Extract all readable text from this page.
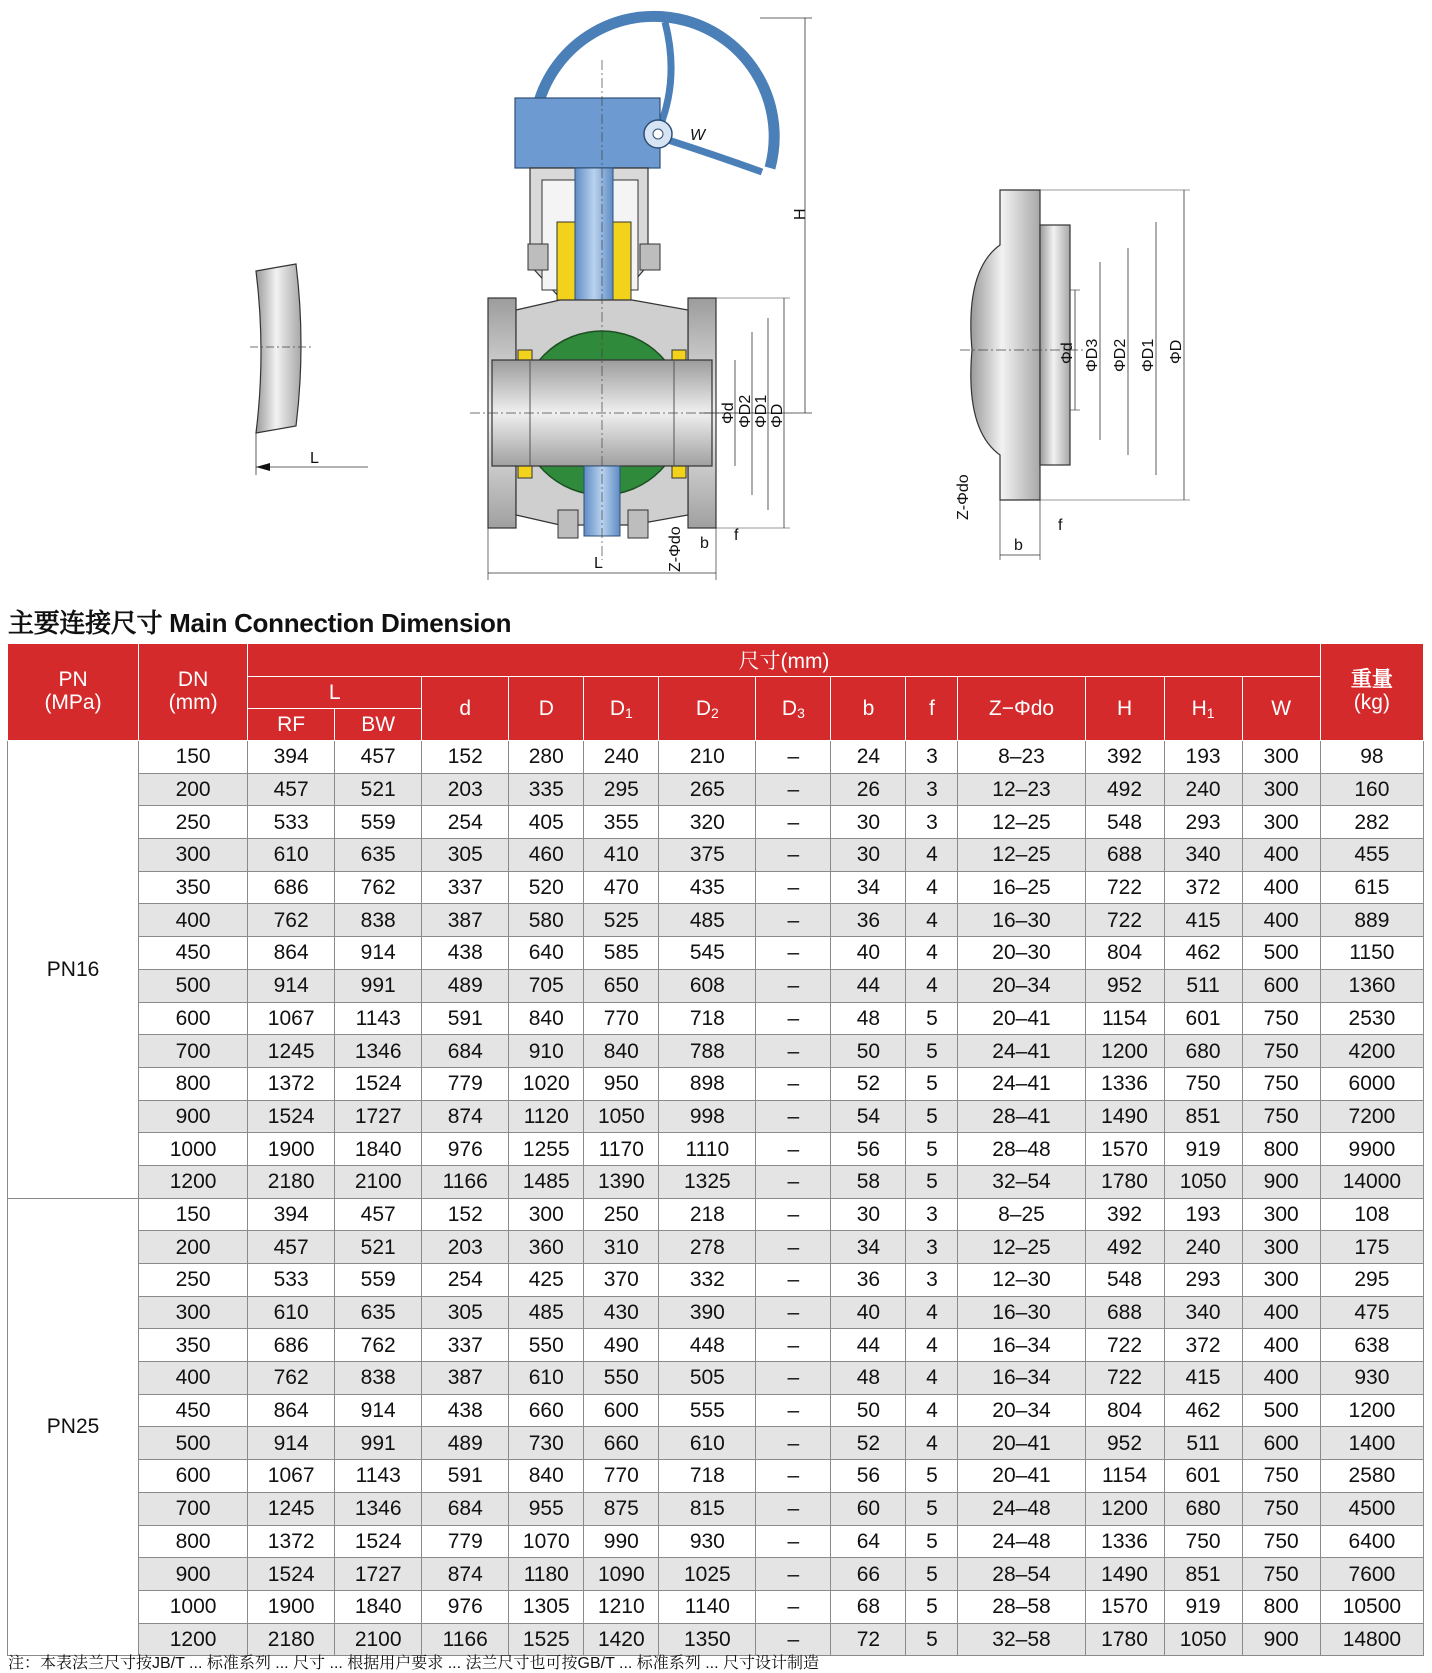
L
W
H
Φd ΦD2 ΦD1 ΦD
L	Z-Φdo b f
Φd ΦD3 ΦD2 ΦD1 ΦD
b
f
Z-Φdo
主要连接尺寸 Main Connection Dimension
PN
(MPa)	DN
(mm)	尺寸(mm)													重量
(kg)
		L		d	D	$D_1$	$D_2$	$D_3$	b	f	Z−Φdo	H	$H_1$	W	
		RF	BW												
PN16	150	394	457	152	280	240	210	–	24	3	8–23	392	193	300	98
	200	457	521	203	335	295	265	–	26	3	12–23	492	240	300	160
	250	533	559	254	405	355	320	–	30	3	12–25	548	293	300	282
	300	610	635	305	460	410	375	–	30	4	12–25	688	340	400	455
	350	686	762	337	520	470	435	–	34	4	16–25	722	372	400	615
	400	762	838	387	580	525	485	–	36	4	16–30	722	415	400	889
	450	864	914	438	640	585	545	–	40	4	20–30	804	462	500	1150
	500	914	991	489	705	650	608	–	44	4	20–34	952	511	600	1360
	600	1067	1143	591	840	770	718	–	48	5	20–41	1154	601	750	2530
	700	1245	1346	684	910	840	788	–	50	5	24–41	1200	680	750	4200
	800	1372	1524	779	1020	950	898	–	52	5	24–41	1336	750	750	6000
	900	1524	1727	874	1120	1050	998	–	54	5	28–41	1490	851	750	7200
	1000	1900	1840	976	1255	1170	1110	–	56	5	28–48	1570	919	800	9900
	1200	2180	2100	1166	1485	1390	1325	–	58	5	32–54	1780	1050	900	14000
PN25	150	394	457	152	300	250	218	–	30	3	8–25	392	193	300	108
	200	457	521	203	360	310	278	–	34	3	12–25	492	240	300	175
	250	533	559	254	425	370	332	–	36	3	12–30	548	293	300	295
	300	610	635	305	485	430	390	–	40	4	16–30	688	340	400	475
	350	686	762	337	550	490	448	–	44	4	16–34	722	372	400	638
	400	762	838	387	610	550	505	–	48	4	16–34	722	415	400	930
	450	864	914	438	660	600	555	–	50	4	20–34	804	462	500	1200
	500	914	991	489	730	660	610	–	52	4	20–41	952	511	600	1400
	600	1067	1143	591	840	770	718	–	56	5	20–41	1154	601	750	2580
	700	1245	1346	684	955	875	815	–	60	5	24–48	1200	680	750	4500
	800	1372	1524	779	1070	990	930	–	64	5	24–48	1336	750	750	6400
	900	1524	1727	874	1180	1090	1025	–	66	5	28–54	1490	851	750	7600
	1000	1900	1840	976	1305	1210	1140	–	68	5	28–58	1570	919	800	10500
	1200	2180	2100	1166	1525	1420	1350	–	72	5	32–58	1780	1050	900	14800
注：本表法兰尺寸按JB/T ... 标准系列 ... 尺寸 ... 根据用户要求 ... 法兰尺寸也可按GB/T ... 标准系列 ... 尺寸设计制造
